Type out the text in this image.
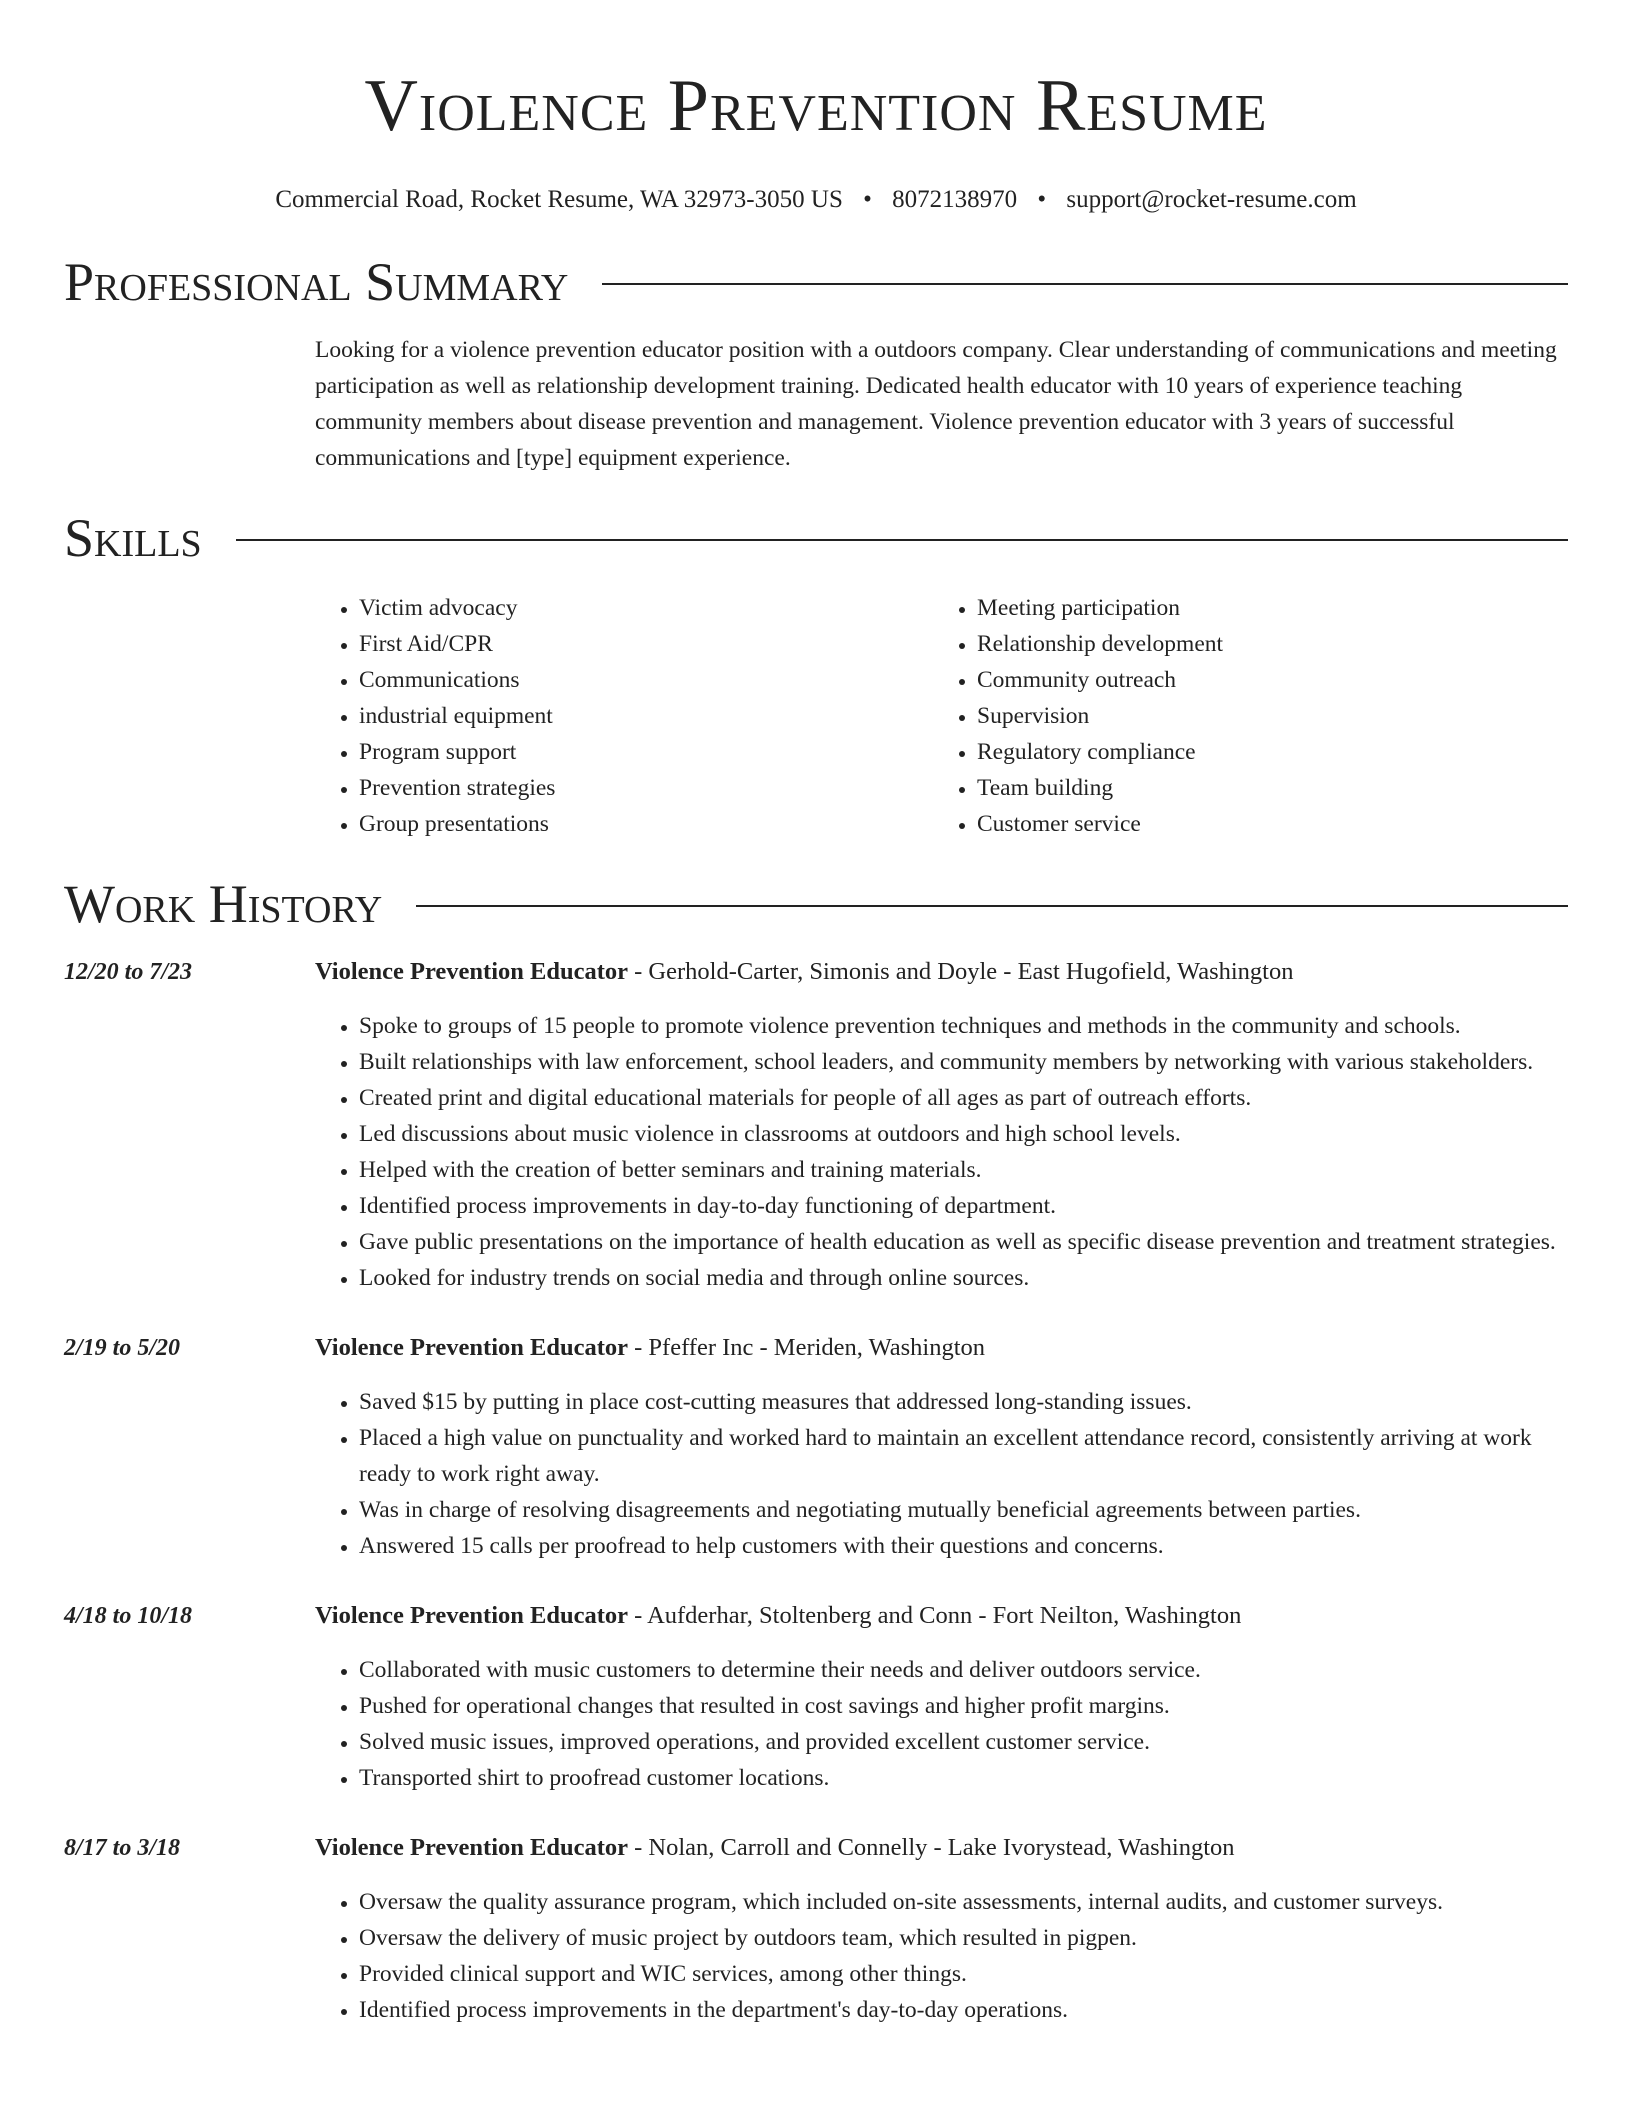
Violence Prevention Resume
Commercial Road, Rocket Resume, WA 32973-3050 US • 8072138970 • support@rocket-resume.com
Professional Summary
Looking for a violence prevention educator position with a outdoors company. Clear understanding of communications and meeting participation as well as relationship development training. Dedicated health educator with 10 years of experience teaching community members about disease prevention and management. Violence prevention educator with 3 years of successful communications and [type] equipment experience.
Skills
• Victim advocacy
• First Aid/CPR
• Communications
• industrial equipment
• Program support
• Prevention strategies
• Group presentations
• Meeting participation
• Relationship development
• Community outreach
• Supervision
• Regulatory compliance
• Team building
• Customer service
Work History
12/20 to 7/23	Violence Prevention Educator - Gerhold-Carter, Simonis and Doyle - East Hugofield, Washington
• Spoke to groups of 15 people to promote violence prevention techniques and methods in the community and schools.
• Built relationships with law enforcement, school leaders, and community members by networking with various stakeholders.
• Created print and digital educational materials for people of all ages as part of outreach efforts.
• Led discussions about music violence in classrooms at outdoors and high school levels.
• Helped with the creation of better seminars and training materials.
• Identified process improvements in day-to-day functioning of department.
• Gave public presentations on the importance of health education as well as specific disease prevention and treatment strategies.
• Looked for industry trends on social media and through online sources.
2/19 to 5/20	Violence Prevention Educator - Pfeffer Inc - Meriden, Washington
• Saved $15 by putting in place cost-cutting measures that addressed long-standing issues.
• Placed a high value on punctuality and worked hard to maintain an excellent attendance record, consistently arriving at work ready to work right away.
• Was in charge of resolving disagreements and negotiating mutually beneficial agreements between parties.
• Answered 15 calls per proofread to help customers with their questions and concerns.
4/18 to 10/18	Violence Prevention Educator - Aufderhar, Stoltenberg and Conn - Fort Neilton, Washington
• Collaborated with music customers to determine their needs and deliver outdoors service.
• Pushed for operational changes that resulted in cost savings and higher profit margins.
• Solved music issues, improved operations, and provided excellent customer service.
• Transported shirt to proofread customer locations.
8/17 to 3/18	Violence Prevention Educator - Nolan, Carroll and Connelly - Lake Ivorystead, Washington
• Oversaw the quality assurance program, which included on-site assessments, internal audits, and customer surveys.
• Oversaw the delivery of music project by outdoors team, which resulted in pigpen.
• Provided clinical support and WIC services, among other things.
• Identified process improvements in the department's day-to-day operations.
